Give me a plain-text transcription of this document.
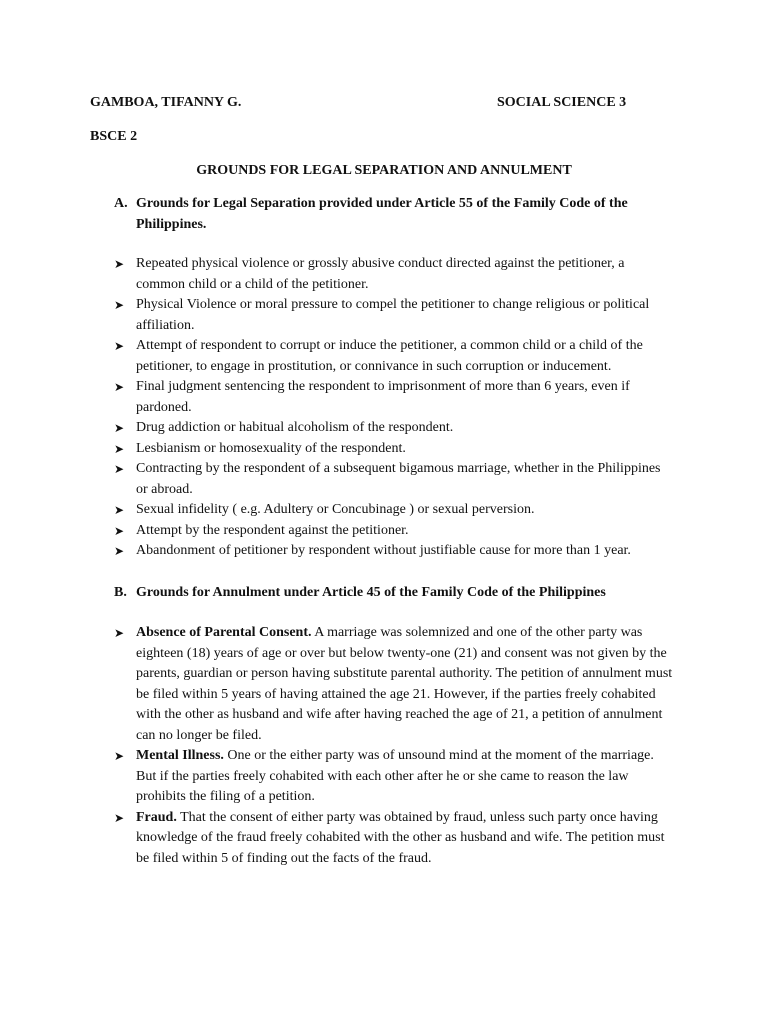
GAMBOA, TIFANNY G.	SOCIAL SCIENCE 3
BSCE 2
GROUNDS FOR LEGAL SEPARATION AND ANNULMENT
A. Grounds for Legal Separation provided under Article 55 of the Family Code of the Philippines.
➤ Repeated physical violence or grossly abusive conduct directed against the petitioner, a common child or a child of the petitioner.
➤ Physical Violence or moral pressure to compel the petitioner to change religious or political affiliation.
➤ Attempt of respondent to corrupt or induce the petitioner, a common child or a child of the petitioner, to engage in prostitution, or connivance in such corruption or inducement.
➤ Final judgment sentencing the respondent to imprisonment of more than 6 years, even if pardoned.
➤ Drug addiction or habitual alcoholism of the respondent.
➤ Lesbianism or homosexuality of the respondent.
➤ Contracting by the respondent of a subsequent bigamous marriage, whether in the Philippines or abroad.
➤ Sexual infidelity ( e.g. Adultery or Concubinage ) or sexual perversion.
➤ Attempt by the respondent against the petitioner.
➤ Abandonment of petitioner by respondent without justifiable cause for more than 1 year.
B. Grounds for Annulment under Article 45 of the Family Code of the Philippines
➤ Absence of Parental Consent. A marriage was solemnized and one of the other party was eighteen (18) years of age or over but below twenty-one (21) and consent was not given by the parents, guardian or person having substitute parental authority. The petition of annulment must be filed within 5 years of having attained the age 21. However, if the parties freely cohabited with the other as husband and wife after having reached the age of 21, a petition of annulment can no longer be filed.
➤ Mental Illness. One or the either party was of unsound mind at the moment of the marriage. But if the parties freely cohabited with each other after he or she came to reason the law prohibits the filing of a petition.
➤ Fraud. That the consent of either party was obtained by fraud, unless such party once having knowledge of the fraud freely cohabited with the other as husband and wife. The petition must be filed within 5 of finding out the facts of the fraud.
